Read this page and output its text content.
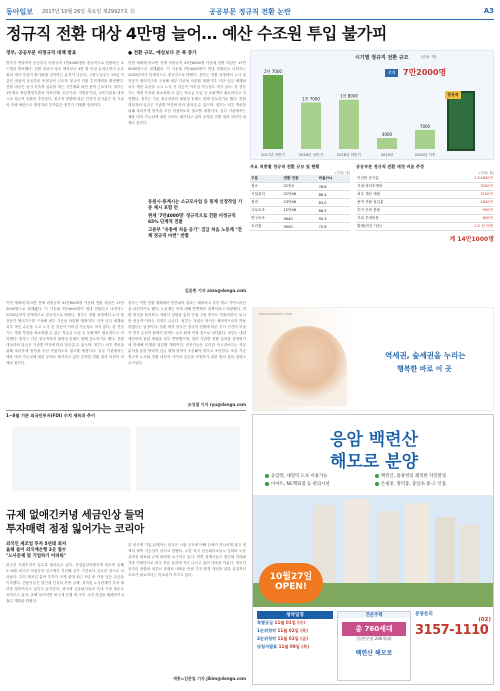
동아일보 2017년 10월 26일 목요일 제29927호 ㊐	공공부문 정규직 전환 논란	A3
정규직 전환 대상 4만명 늘어… 예산 수조원 투입 불가피
정부, 공공부문 비정규직 대책 발표
정부가 연말까지 공공부문 비정규직 7만4000명을 정규직으로 전환하는 로드맵을 발표했다. 전환 대상이 당초 예상보다 4만 명 이상 늘어나면서 수조 원의 예산 투입이 불가피할 것이라는 분석이 나온다. 고용노동부는 25일 이 같은 내용의 공공부문 비정규직 근로자 정규직 전환 추진계획을 확정했다. 전환 대상은 상시 지속적 업무를 하는 기간제와 파견 용역 근로자다. 정부는 1단계로 중앙행정기관과 자치단체, 공공기관, 지방공기업, 교육기관을 대상으로 정규직 전환을 추진한다. 정규직 전환에 따른 인건비 증가분은 각 기관의 자체 예산으로 충당하되 부족분은 정부가 지원할 방침이다.
● 전환 규모, 예상보다 큰 폭 증가
이번 계획에 따르면 전체 비정규직 31만6000명 가운데 전환 대상은 17만5000명으로 집계됐다. 이 가운데 7만4000명이 연내 전환되고 나머지는 2020년까지 단계적으로 정규직으로 바뀐다. 정부는 전환 과정에서 노사 및 전문가 협의기구를 구성해 세부 기준을 마련할 계획이다. 다만 임금 체계와 처우 개선 수준을 두고 노사 간 갈등이 이어질 가능성도 적지 않다. 한 전문가는 재정 부담을 최소화할 수 있는 직무급 도입 등 보완책이 필요하다고 지적했다. 정부는 기존 정규직과의 형평성 문제도 함께 검토하기로 했다. 전환 대상자의 임금은 기관별 여건에 따라 달라질 수 있으며, 정부는 처우 개선을 위해 복리후생 항목을 우선 적용하도록 권고할 예정이다. 일부 기관에서는 채용 비리 가능성에 대한 우려도 제기되고 있어 공정한 전환 절차 마련이 과제로 꼽힌다.
김윤종 기자 zozo@donga.com
시기별 정규직 전환 규모	(단위: 명)
2만 7000
2017년 하반기
1만 7000
2018년 상반기
1만 8000
2018년 하반기
4000
2019년
7000
2020년 이후
총계 7만2000명
정규직
주요 직종별 정규직 전환 규모 및 현황
(단위: 명)
구분	전환 인원	비율(%)
청소	22만3	78.8
시설관리	22만48	86.4
경비	23만48	83.0
사무보조	12만48	66.5
연구보조	9840	90.3
조리원	9000	72.6
공공부문 정규직 전환 재정 비용 추정
(단위: 원)
인건비 증가분	1조4800억
식대·복리후생비	3200억
처우 개선 재원	2100억
용역 전환 절감분	-1800억
추가 인력 충원	900억
기타 부대비용	600억
합계(연간 기준)	2조 원 안팎
계 14만1000명
동원시·통계시는 소규모사업 등 통계 선정작업 기준 제시 포함 안
현재 '7만4000명' 정규직으로 전환 비정규직 65% 단계적 전환
고용부 "유통에 처음 공기" 검급 처음 노동계 "전체 정규직 마련" 반발
정부는 이번 전환 계획에서 민간위탁 업무는 제외하고 추후 별도 가이드라인을 마련하기로 했다. 노동계는 이에 대해 반쪽짜리 대책이라고 비판했다. 전환 방식을 둘러싸고 자회사 설립을 통한 간접 고용 방식도 허용되면서 '무늬만 정규직'이라는 지적도 나온다. 정부는 자회사 방식은 예외적으로만 허용하겠다는 입장이다. 한편 재정 당국은 정규직 전환에 따른 추가 인건비 부담이 연간 수천억 원에서 많게는 수조 원에 이를 것으로 내다봤다. 정부는 내년 예산안에 관련 재원을 일부 반영했으며, 향후 기관별 전환 실적을 경영평가에 반영해 이행을 점검할 계획이다. 전문가들은 무리한 속도전보다는 직무 분석을 통한 합리적 임금 체계 정착이 우선돼야 한다고 조언한다. 또한 기존 정규직 노조와 전환 대상자 사이의 갈등을 조정하기 위한 협의 절차 강화도 요구된다.
유성열 기자 ryu@donga.com
이번 계획에 따르면 전체 비정규직 31만6000명 가운데 전환 대상은 17만5000명으로 집계됐다. 이 가운데 7만4000명이 연내 전환되고 나머지는 2020년까지 단계적으로 정규직으로 바뀐다. 정부는 전환 과정에서 노사 및 전문가 협의기구를 구성해 세부 기준을 마련할 계획이다. 다만 임금 체계와 처우 개선 수준을 두고 노사 간 갈등이 이어질 가능성도 적지 않다. 한 전문가는 재정 부담을 최소화할 수 있는 직무급 도입 등 보완책이 필요하다고 지적했다. 정부는 기존 정규직과의 형평성 문제도 함께 검토하기로 했다. 전환 대상자의 임금은 기관별 여건에 따라 달라질 수 있으며, 정부는 처우 개선을 위해 복리후생 항목을 우선 적용하도록 권고할 예정이다. 일부 기관에서는 채용 비리 가능성에 대한 우려도 제기되고 있어 공정한 전환 절차 마련이 과제로 꼽힌다.
1~8월 기준 외국인투자(FDI) 수치 제목과 추이
규제 없애긴커녕 세금인상 들먹
투자매력 점점 잃어가는 코리아
외국인 제조업 투자 5년래 최저
올해 들어 외국계은행 3곳 철수
"노사문제 및 기업하기 어려워"
외국인 직접투자가 갈수록 줄어들고 있다. 산업통상자원부에 따르면 올해 1~8월 외국인 직접투자 신고액은 지난해 같은 기간보다 감소한 것으로 나타났다. 특히 제조업 분야 투자가 크게 줄며 최근 5년 중 가장 낮은 수준을 기록했다. 전문가들은 법인세 인상과 각종 규제, 경직된 노사관계가 투자 매력을 떨어뜨리고 있다고 분석한다. 외국계 금융회사들의 국내 시장 철수도 잇따르고 있다. 올해 들어서만 외국계 은행 세 곳이 국내 지점을 폐쇄하거나 철수 계획을 밝혔다.
한 외국계 기업 관계자는 한국은 시장 규모에 비해 규제가 지나치게 많고 정책의 예측 가능성이 낮다고 말했다. 주한 외국 상공회의소들도 잇따라 노동 유연성 확보와 규제 완화를 요구하고 있다. 반면 경쟁국들은 법인세 인하와 각종 인센티브로 외국 자본 유치에 적극 나서고 있어 대조를 이룬다. 정부가 일자리 창출을 최우선 과제로 내세운 만큼 투자 환경 개선을 위한 실질적인 조치가 필요하다는 목소리가 커지고 있다.
세종=김준일 기자 jikim@donga.com
www.hwashin.com
역세권, 숲세권을 누리는
행복한 바로 이 곳
응암 백련산
해모로 분양
응암역, 새절역 도보 이용가능	백련산, 불광천의 쾌적한 자연환경
이마트, NC백화점 등 편의시설	은평중, 명덕중, 충암초·중·고 인접
10월27일
OPEN!
청약일정
특별공급 11월 01일 (수)
1순위청약 11월 02일 (목)
2순위청약 11월 03일 (금)
당첨자발표 11월 09일 (목)
견본주택
총 760세대
(일반분양 286세대)
백련산 해모로
분양문의
(02)
3157-1110
